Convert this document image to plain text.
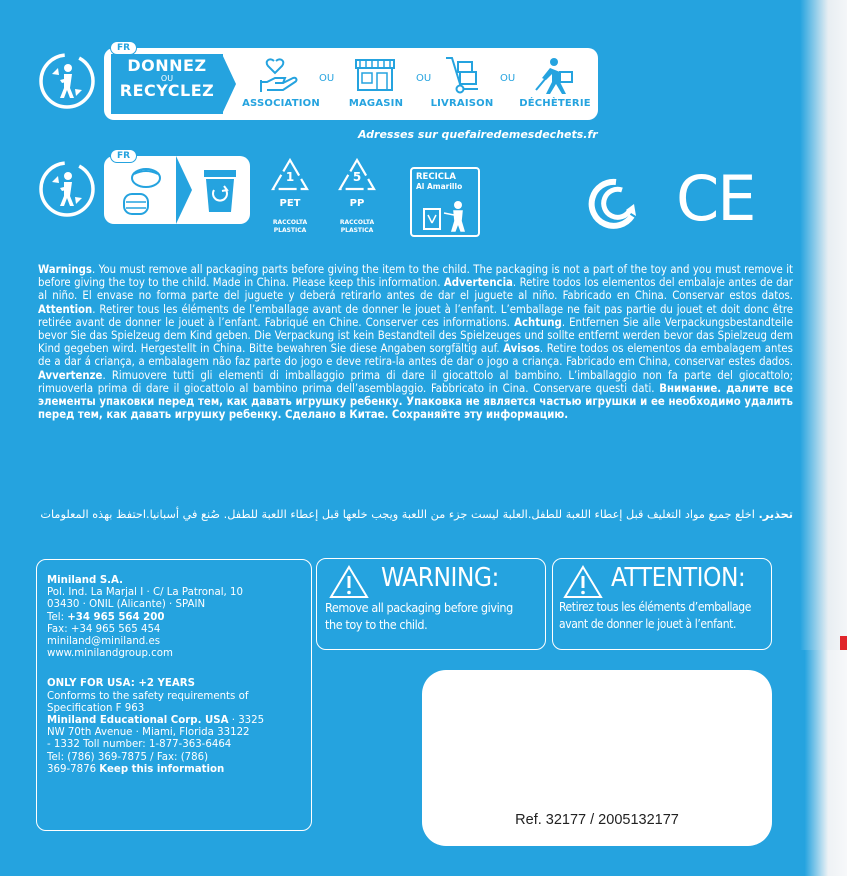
FR
DONNEZ
OU
RECYCLEZ
ASSOCIATION
OU
MAGASIN
OU
LIVRAISON
OU
DÉCHÈTERIE
Adresses sur quefairedemesdechets.fr
FR
1
PET
RACCOLTA
PLASTICA
5
PP
RACCOLTA
PLASTICA
RECICLA
Al Amarillo	CE
Warnings. You must remove all packaging parts before giving the item to the child. The packaging is not a part of the toy and you must remove it before giving the toy to the child. Made in China. Please keep this information. Advertencia. Retire todos los elementos del embalaje antes de dar al niño. El envase no forma parte del juguete y deberá retirarlo antes de dar el juguete al niño. Fabricado en China. Conservar estos datos. Attention. Retirer tous les éléments de l’emballage avant de donner le jouet à l’enfant. L’emballage ne fait pas partie du jouet et doit donc être retirée avant de donner le jouet à l’enfant. Fabriqué en Chine. Conserver ces informations. Achtung. Entfernen Sie alle Verpackungsbestandteile bevor Sie das Spielzeug dem Kind geben. Die Verpackung ist kein Bestandteil des Spielzeuges und sollte entfernt werden bevor das Spielzeug dem Kind gegeben wird. Hergestellt in China. Bitte bewahren Sie diese Angaben sorgfältig auf. Avisos. Retire todos os elementos da embalagem antes de a dar á criança, a embalagem não faz parte do jogo e deve retira-la antes de dar o jogo a criança. Fabricado em China, conservar estes dados. Avvertenze. Rimuovere tutti gli elementi di imballaggio prima di dare il giocattolo al bambino. L’imballaggio non fa parte del giocattolo; rimuoverla prima di dare il giocattolo al bambino prima dell’asemblaggio. Fabbricato in Cina. Conservare questi dati. Внимание. далите все элементы упаковки перед тем, как давать игрушку ребенку. Упаковка не является частью игрушки и ее необходимо удалить перед тем, как давать игрушку ребенку. Сделано в Китае. Сохраняйте эту информацию.
تحذير. اخلع جميع مواد التغليف قبل إعطاء اللعبة للطفل.العلبة ليست جزء من اللعبة ويجب خلعها قبل إعطاء اللعبة للطفل. صُنع في أسبانيا.احتفظ بهذه المعلومات
Miniland S.A.
Pol. Ind. La Marjal I · C/ La Patronal, 10
03430 · ONIL (Alicante) · SPAIN
Tel: +34 965 564 200
Fax: +34 965 565 454
miniland@miniland.es
www.minilandgroup.com
ONLY FOR USA: +2 YEARS
Conforms to the safety requirements of
Specification F 963
Miniland Educational Corp. USA · 3325
NW 70th Avenue · Miami, Florida 33122
- 1332 Toll number: 1-877-363-6464
Tel: (786) 369-7875 / Fax: (786)
369-7876 Keep this information
WARNING:
Remove all packaging before giving
the toy to the child.
ATTENTION:
Retirez tous les éléments d’emballage
avant de donner le jouet à l’enfant.
Ref. 32177 / 2005132177
